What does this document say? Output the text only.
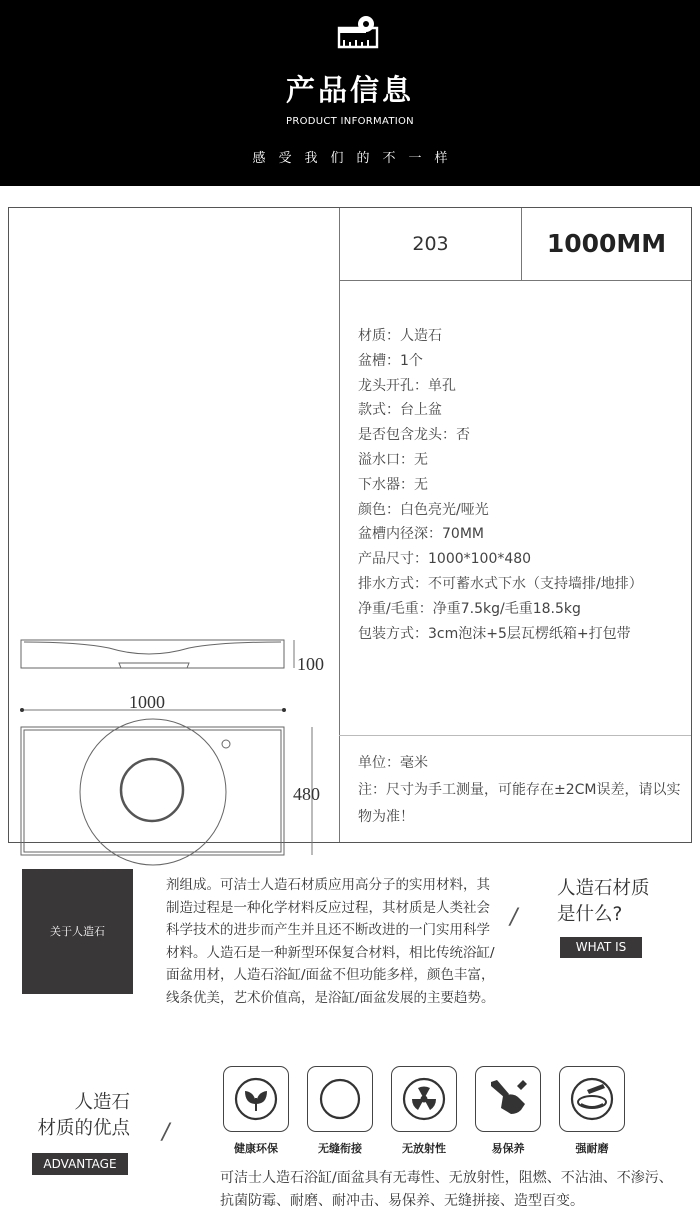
产品信息
PRODUCT INFORMATION
感受我们的不一样
203	1000MM
材质：人造石
盆槽：1个
龙头开孔：单孔
款式：台上盆
是否包含龙头：否
溢水口：无
下水器：无
颜色：白色亮光/哑光
盆槽内径深：70MM
产品尺寸：1000*100*480
排水方式：不可蓄水式下水（支持墙排/地排）
净重/毛重：净重7.5kg/毛重18.5kg
包装方式：3cm泡沫+5层瓦楞纸箱+打包带
单位：毫米
注：尺寸为手工测量，可能存在±2CM误差，请以实物为准！
100
1000
480
关于人造石
剂组成。可洁士人造石材质应用高分子的实用材料，其制造过程是一种化学材料反应过程，其材质是人类社会科学技术的进步而产生并且还不断改进的一门实用科学材料。人造石是一种新型环保复合材料，相比传统浴缸/面盆用材，人造石浴缸/面盆不但功能多样，颜色丰富，线条优美，艺术价值高，是浴缸/面盆发展的主要趋势。
/
人造石材质
是什么?
WHAT IS
人造石
材质的优点 /
ADVANTAGE
健康环保	无缝衔接	无放射性	易保养	强耐磨
可洁士人造石浴缸/面盆具有无毒性、无放射性，阻燃、不沾油、不渗污、抗菌防霉、耐磨、耐冲击、易保养、无缝拼接、造型百变。
